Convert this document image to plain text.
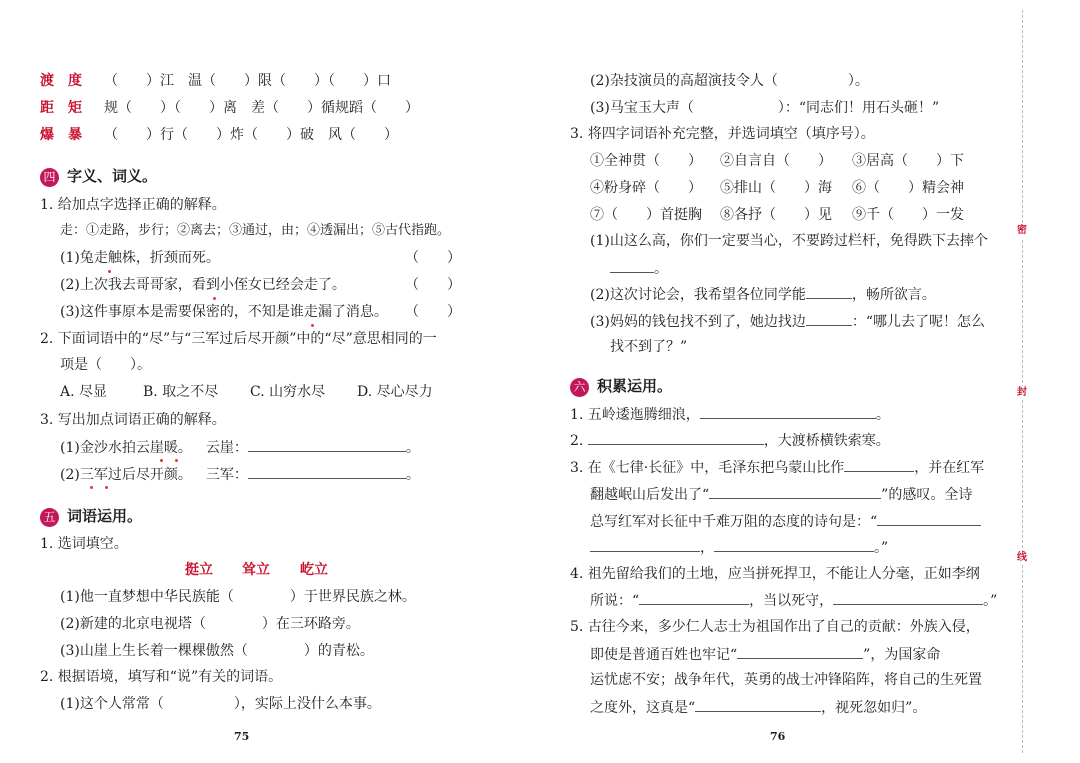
渡　度 （　　）江　温（　　）限（　　）（　　）口
距　矩 规（　　）（　　）离　差（　　）循规蹈（　　）
爆　暴 （　　）行（　　）炸（　　）破　风（　　）
四 字义、词义。
1. 给加点字选择正确的解释。
走：①走路，步行；②离去；③通过，由；④透漏出；⑤古代指跑。
(1)兔走触株，折颈而死。	（　　）
(2)上次我去哥哥家，看到小侄女已经会走了。	（　　）
(3)这件事原本是需要保密的，不知是谁走漏了消息。 （　　）
2. 下面词语中的“尽”与“三军过后尽开颜”中的“尽”意思相同的一
项是（　　）。
A. 尽显	B. 取之不尽 C. 山穷水尽 D. 尽心尽力
3. 写出加点词语正确的解释。
(1)金沙水拍云崖暖。 云崖：	。
(2)三军过后尽开颜。 三军：	。
五 词语运用。
1. 选词填空。
挺立 耸立 屹立
(1)他一直梦想中华民族能（　　　　）于世界民族之林。
(2)新建的北京电视塔（　　　　）在三环路旁。
(3)山崖上生长着一棵棵傲然（　　　　）的青松。
2. 根据语境，填写和“说”有关的词语。
(1)这个人常常（　　　　　），实际上没什么本事。
75
(2)杂技演员的高超演技令人（　　　　　）。
(3)马宝玉大声（　　　　　　）：“同志们！用石头砸！”
3. 将四字词语补充完整，并选词填空（填序号）。
①全神贯（　　） ②自言自（　　） ③居高（　　）下
④粉身碎（　　） ⑤排山（　　）海 ⑥（　　）精会神
⑦（　　）首挺胸 ⑧各抒（　　）见 ⑨千（　　）一发
(1)山这么高，你们一定要当心，不要跨过栏杆，免得跌下去摔个
。
(2)这次讨论会，我希望各位同学能	，畅所欲言。
(3)妈妈的钱包找不到了，她边找边	：“哪儿去了呢！怎么
找不到了？”
六 积累运用。
1. 五岭逶迤腾细浪，	。
2.	，大渡桥横铁索寒。
3. 在《七律·长征》中，毛泽东把乌蒙山比作	，并在红军
翻越岷山后发出了“	”的感叹。全诗
总写红军对长征中千难万阻的态度的诗句是：“
，	。”
4. 祖先留给我们的土地，应当拼死捍卫，不能让人分毫，正如李纲
所说：“	，当以死守，	。”
5. 古往今来，多少仁人志士为祖国作出了自己的贡献：外族入侵，
即使是普通百姓也牢记“	”，为国家命
运忧虑不安；战争年代，英勇的战士冲锋陷阵，将自己的生死置
之度外，这真是“	，视死忽如归”。
76
密
封
线
